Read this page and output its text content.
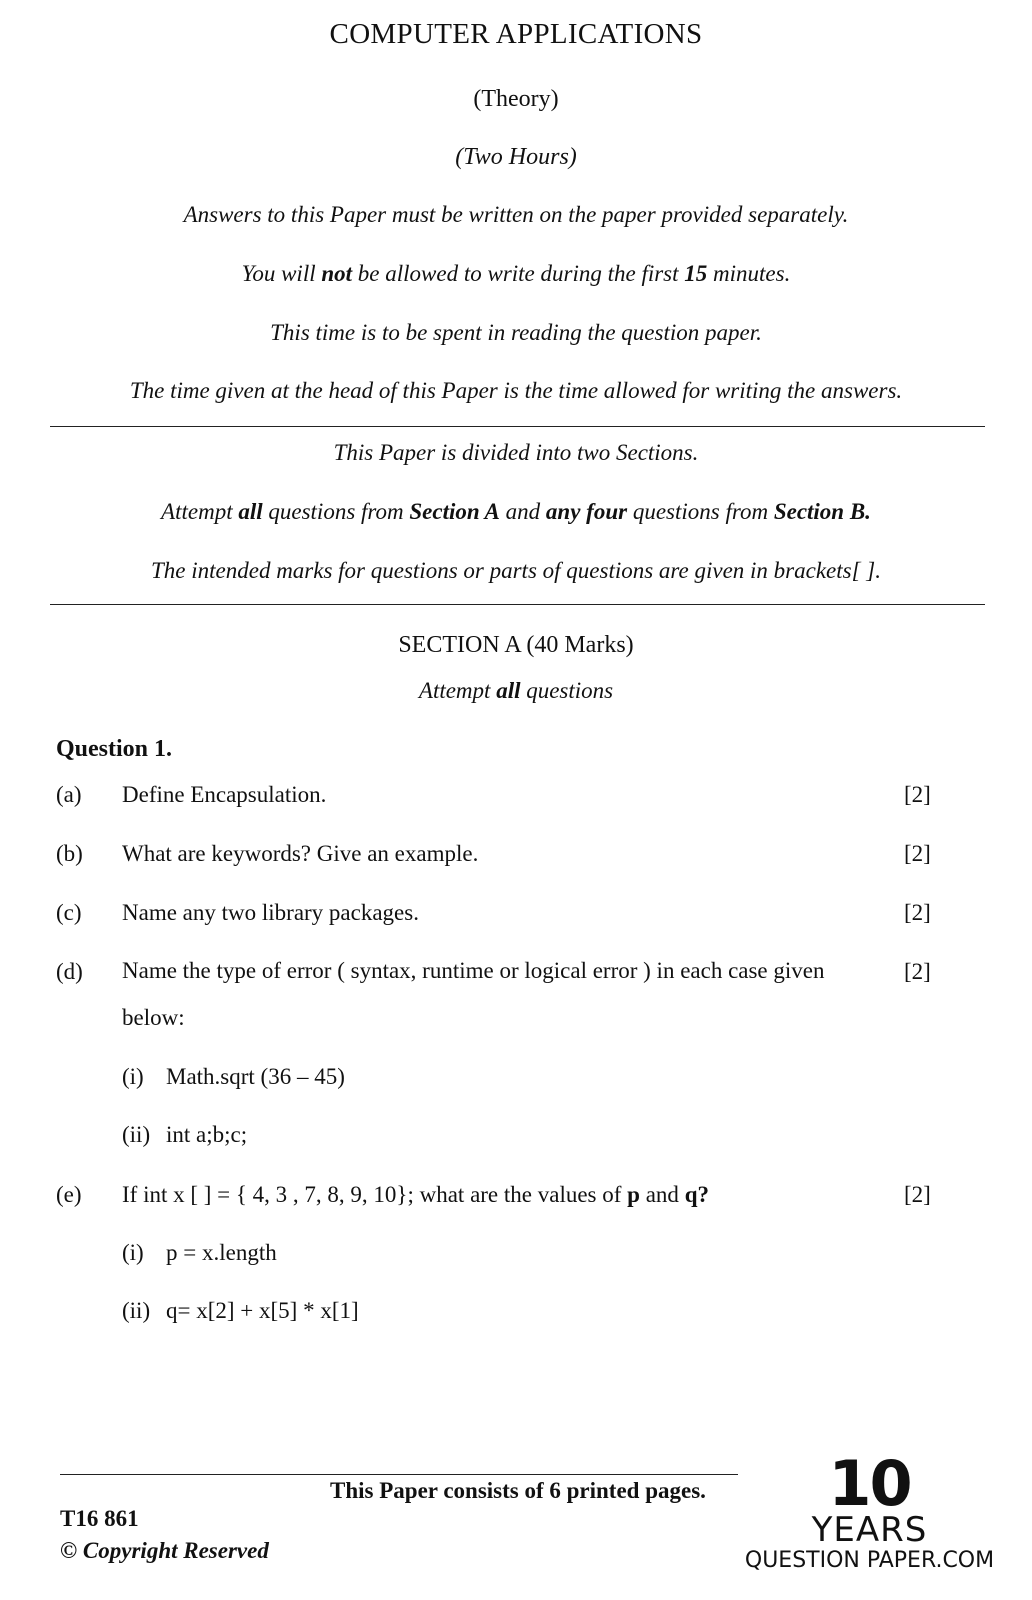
COMPUTER APPLICATIONS

(Theory)

(Two Hours)

Answers to this Paper must be written on the paper provided separately.

You will not be allowed to write during the first 15 minutes.

This time is to be spent in reading the question paper.

The time given at the head of this Paper is the time allowed for writing the answers.

This Paper is divided into two Sections.

Attempt all questions from Section A and any four questions from Section B.

The intended marks for questions or parts of questions are given in brackets[ ].

SECTION A (40 Marks)

Attempt all questions

Question 1.

(a) Define Encapsulation.	[2]
(b) What are keywords? Give an example.	[2]
(c) Name any two library packages.	[2]
(d) Name the type of error ( syntax, runtime or logical error ) in each case given below:
[2]
(i) Math.sqrt (36 – 45)
(ii) int a;b;c;
(e) If int x [ ] = { 4, 3 , 7, 8, 9, 10}; what are the values of p and q?	[2]
(i) p = x.length
(ii) q= x[2] + x[5] * x[1]

This Paper consists of 6 printed pages.

T16 861

© Copyright Reserved

10
YEARS
QUESTION PAPER.COM
